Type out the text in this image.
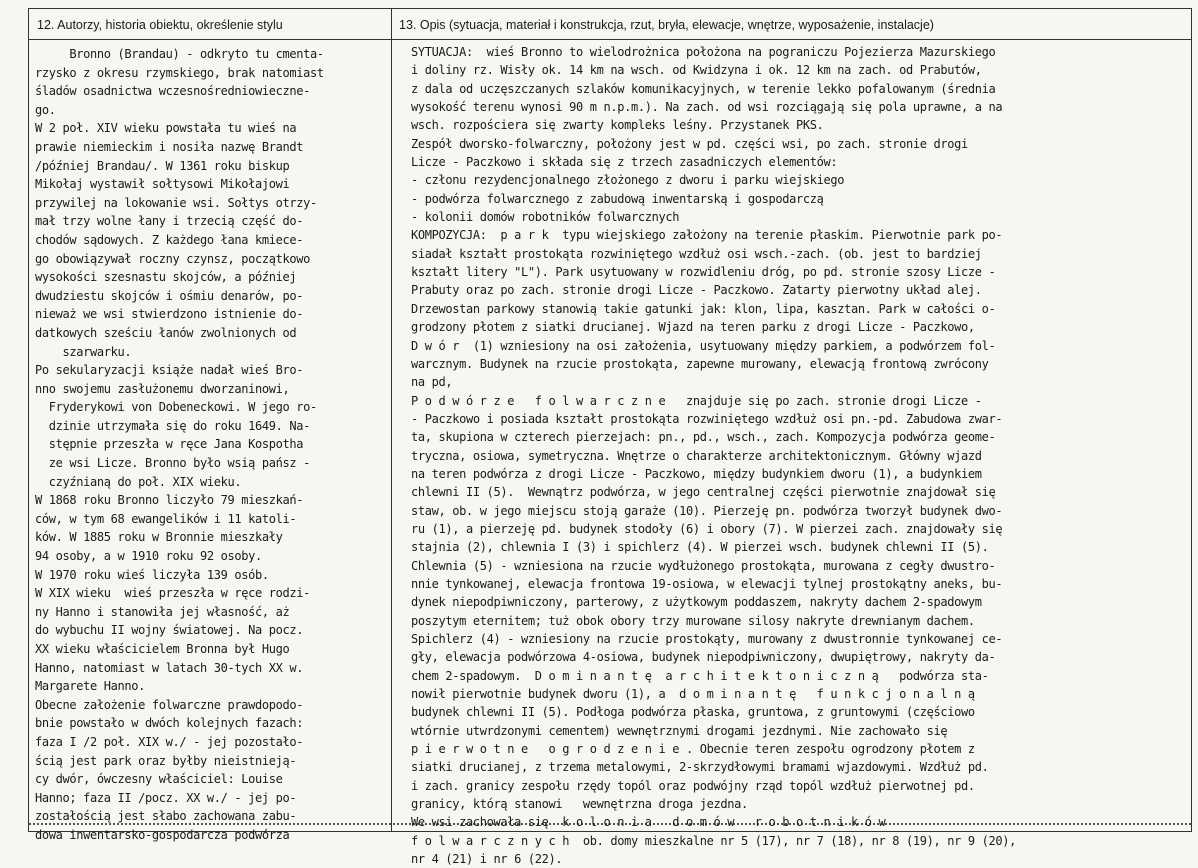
12. Autorzy, historia obiektu, określenie stylu	13. Opis (sytuacja, materiał i konstrukcja, rzut, bryła, elewacje, wnętrze, wyposażenie, instalacje)
Bronno (Brandau) - odkryto tu cmenta-
rzysko z okresu rzymskiego, brak natomiast
śladów osadnictwa wczesnośredniowieczne-
go.
W 2 poł. XIV wieku powstała tu wieś na
prawie niemieckim i nosiła nazwę Brandt
/później Brandau/. W 1361 roku biskup
Mikołaj wystawił sołtysowi Mikołajowi
przywilej na lokowanie wsi. Sołtys otrzy-
mał trzy wolne łany i trzecią część do-
chodów sądowych. Z każdego łana kmiece-
go obowiązywał roczny czynsz, początkowo
wysokości szesnastu skojców, a później
dwudziestu skojców i ośmiu denarów, po-
nieważ we wsi stwierdzono istnienie do-
datkowych sześciu łanów zwolnionych od
szarwarku.
Po sekularyzacji książe nadał wieś Bro-
nno swojemu zasłużonemu dworzaninowi,
Fryderykowi von Dobeneckowi. W jego ro-
dzinie utrzymała się do roku 1649. Na-
stępnie przeszła w ręce Jana Kospotha
ze wsi Licze. Bronno było wsią pańsz -
czyźnianą do poł. XIX wieku.
W 1868 roku Bronno liczyło 79 mieszkań-
ców, w tym 68 ewangelików i 11 katoli-
ków. W 1885 roku w Bronnie mieszkały
94 osoby, a w 1910 roku 92 osoby.
W 1970 roku wieś liczyła 139 osób.
W XIX wieku  wieś przeszła w ręce rodzi-
ny Hanno i stanowiła jej własność, aż
do wybuchu II wojny światowej. Na pocz.
XX wieku właścicielem Bronna był Hugo
Hanno, natomiast w latach 30-tych XX w.
Margarete Hanno.
Obecne założenie folwarczne prawdopodo-
bnie powstało w dwóch kolejnych fazach:
faza I /2 poł. XIX w./ - jej pozostało-
ścią jest park oraz byłby nieistnieją-
cy dwór, ówczesny właściciel: Louise
Hanno; faza II /pocz. XX w./ - jej po-
zostałością jest słabo zachowana zabu-
dowa inwentarsko-gospodarcza podwórza
SYTUACJA:  wieś Bronno to wielodrożnica położona na pograniczu Pojezierza Mazurskiego
i doliny rz. Wisły ok. 14 km na wsch. od Kwidzyna i ok. 12 km na zach. od Prabutów,
z dala od uczęszczanych szlaków komunikacyjnych, w terenie lekko pofalowanym (średnia
wysokość terenu wynosi 90 m n.p.m.). Na zach. od wsi rozciągają się pola uprawne, a na
wsch. rozpościera się zwarty kompleks leśny. Przystanek PKS.
Zespół dworsko-folwarczny, położony jest w pd. części wsi, po zach. stronie drogi
Licze - Paczkowo i składa się z trzech zasadniczych elementów:
- członu rezydencjonalnego złożonego z dworu i parku wiejskiego
- podwórza folwarcznego z zabudową inwentarską i gospodarczą
- kolonii domów robotników folwarcznych
KOMPOZYCJA:  p a r k  typu wiejskiego założony na terenie płaskim. Pierwotnie park po-
siadał kształt prostokąta rozwiniętego wzdłuż osi wsch.-zach. (ob. jest to bardziej
kształt litery "L"). Park usytuowany w rozwidleniu dróg, po pd. stronie szosy Licze -
Prabuty oraz po zach. stronie drogi Licze - Paczkowo. Zatarty pierwotny układ alej.
Drzewostan parkowy stanowią takie gatunki jak: klon, lipa, kasztan. Park w całości o-
grodzony płotem z siatki drucianej. Wjazd na teren parku z drogi Licze - Paczkowo,
D w ó r  (1) wzniesiony na osi założenia, usytuowany między parkiem, a podwórzem fol-
warcznym. Budynek na rzucie prostokąta, zapewne murowany, elewacją frontową zwrócony
na pd,
P o d w ó r z e   f o l w a r c z n e   znajduje się po zach. stronie drogi Licze -
- Paczkowo i posiada kształt prostokąta rozwiniętego wzdłuż osi pn.-pd. Zabudowa zwar-
ta, skupiona w czterech pierzejach: pn., pd., wsch., zach. Kompozycja podwórza geome-
tryczna, osiowa, symetryczna. Wnętrze o charakterze architektonicznym. Główny wjazd
na teren podwórza z drogi Licze - Paczkowo, między budynkiem dworu (1), a budynkiem
chlewni II (5).  Wewnątrz podwórza, w jego centralnej części pierwotnie znajdował się
staw, ob. w jego miejscu stoją garaże (10). Pierzeję pn. podwórza tworzył budynek dwo-
ru (1), a pierzeję pd. budynek stodoły (6) i obory (7). W pierzei zach. znajdowały się
stajnia (2), chlewnia I (3) i spichlerz (4). W pierzei wsch. budynek chlewni II (5).
Chlewnia (5) - wzniesiona na rzucie wydłużonego prostokąta, murowana z cegły dwustro-
nnie tynkowanej, elewacja frontowa 19-osiowa, w elewacji tylnej prostokątny aneks, bu-
dynek niepodpiwniczony, parterowy, z użytkowym poddaszem, nakryty dachem 2-spadowym
poszytym eternitem; tuż obok obory trzy murowane silosy nakryte drewnianym dachem.
Spichlerz (4) - wzniesiony na rzucie prostokąty, murowany z dwustronnie tynkowanej ce-
gły, elewacja podwórzowa 4-osiowa, budynek niepodpiwniczony, dwupiętrowy, nakryty da-
chem 2-spadowym.  D o m i n a n t ę  a r c h i t e k t o n i c z n ą   podwórza sta-
nowił pierwotnie budynek dworu (1), a  d o m i n a n t ę   f u n k c j o n a l n ą
budynek chlewni II (5). Podłoga podwórza płaska, gruntowa, z gruntowymi (częściowo
wtórnie utwrdzonymi cementem) wewnętrznymi drogami jezdnymi. Nie zachowało się
p i e r w o t n e   o g r o d z e n i e . Obecnie teren zespołu ogrodzony płotem z
siatki drucianej, z trzema metalowymi, 2-skrzydłowymi bramami wjazdowymi. Wzdłuż pd.
i zach. granicy zespołu rzędy topól oraz podwójny rząd topól wzdłuż pierwotnej pd.
granicy, którą stanowi   wewnętrzna droga jezdna.
We wsi zachowała się  k o l o n i a   d o m ó w   r o b o t n i k ó w
f o l w a r c z n y c h  ob. domy mieszkalne nr 5 (17), nr 7 (18), nr 8 (19), nr 9 (20),
nr 4 (21) i nr 6 (22).
